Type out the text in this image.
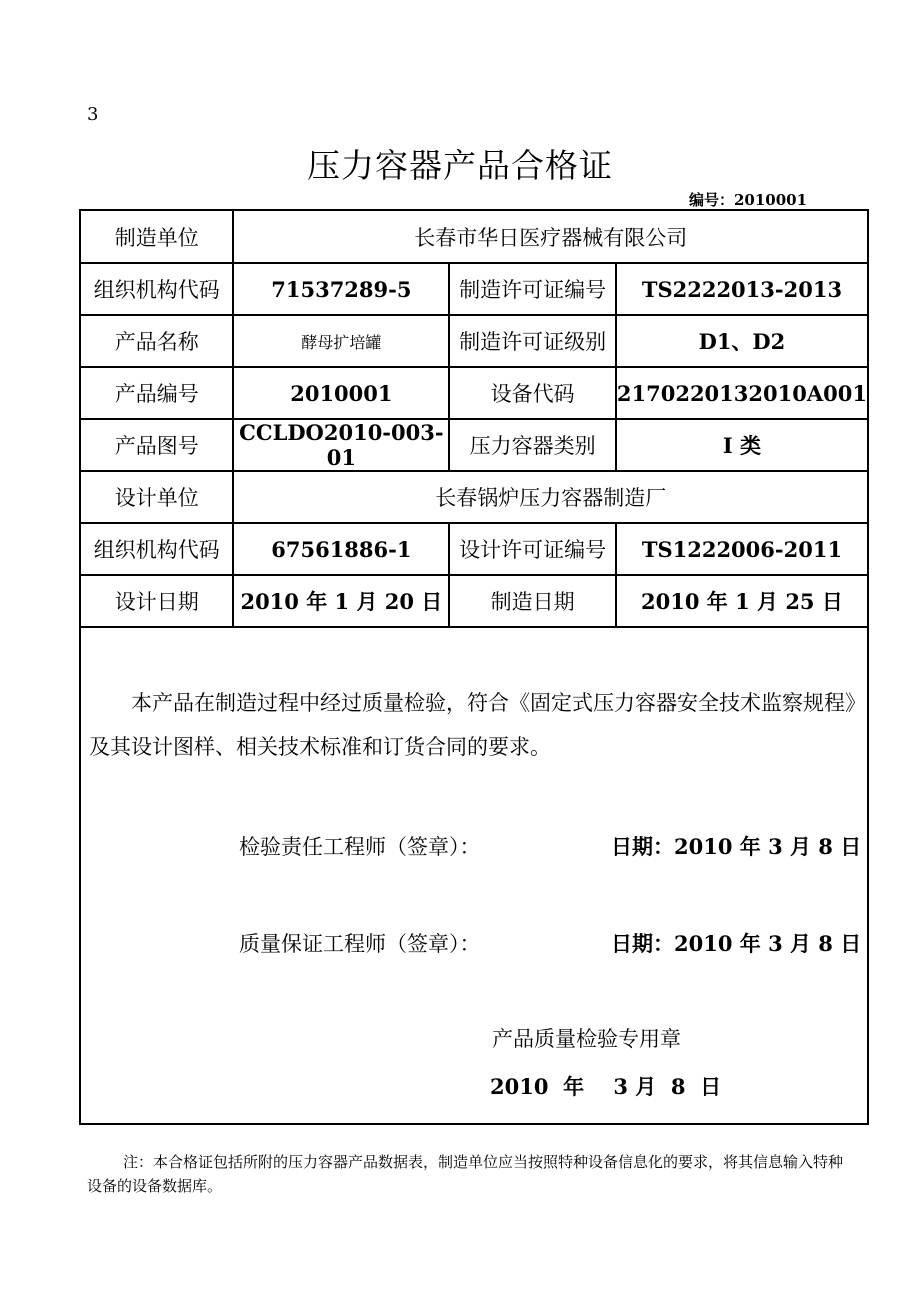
3
压力容器产品合格证
编号：2010001
制造单位	长春市华日医疗器械有限公司		
组织机构代码	71537289-5	制造许可证编号	TS2222013-2013
产品名称	酵母扩培罐	制造许可证级别	D1、D2
产品编号	2010001	设备代码	2170220132010A001
产品图号	CCLDO2010-003-01	压力容器类别	I 类
设计单位	长春锅炉压力容器制造厂		
组织机构代码	67561886-1	设计许可证编号	TS1222006-2011
设计日期	2010 年 1 月 20 日	制造日期	2010 年 1 月 25 日
本产品在制造过程中经过质量检验，符合《固定式压力容器安全技术监察规程》及其设计图样、相关技术标准和订货合同的要求。
检验责任工程师（签章）：	日期：2010 年 3 月 8 日
质量保证工程师（签章）：	日期：2010 年 3 月 8 日
产品质量检验专用章
2010  年    3 月  8  日
注：本合格证包括所附的压力容器产品数据表，制造单位应当按照特种设备信息化的要求，将其信息输入特种设备的设备数据库。
